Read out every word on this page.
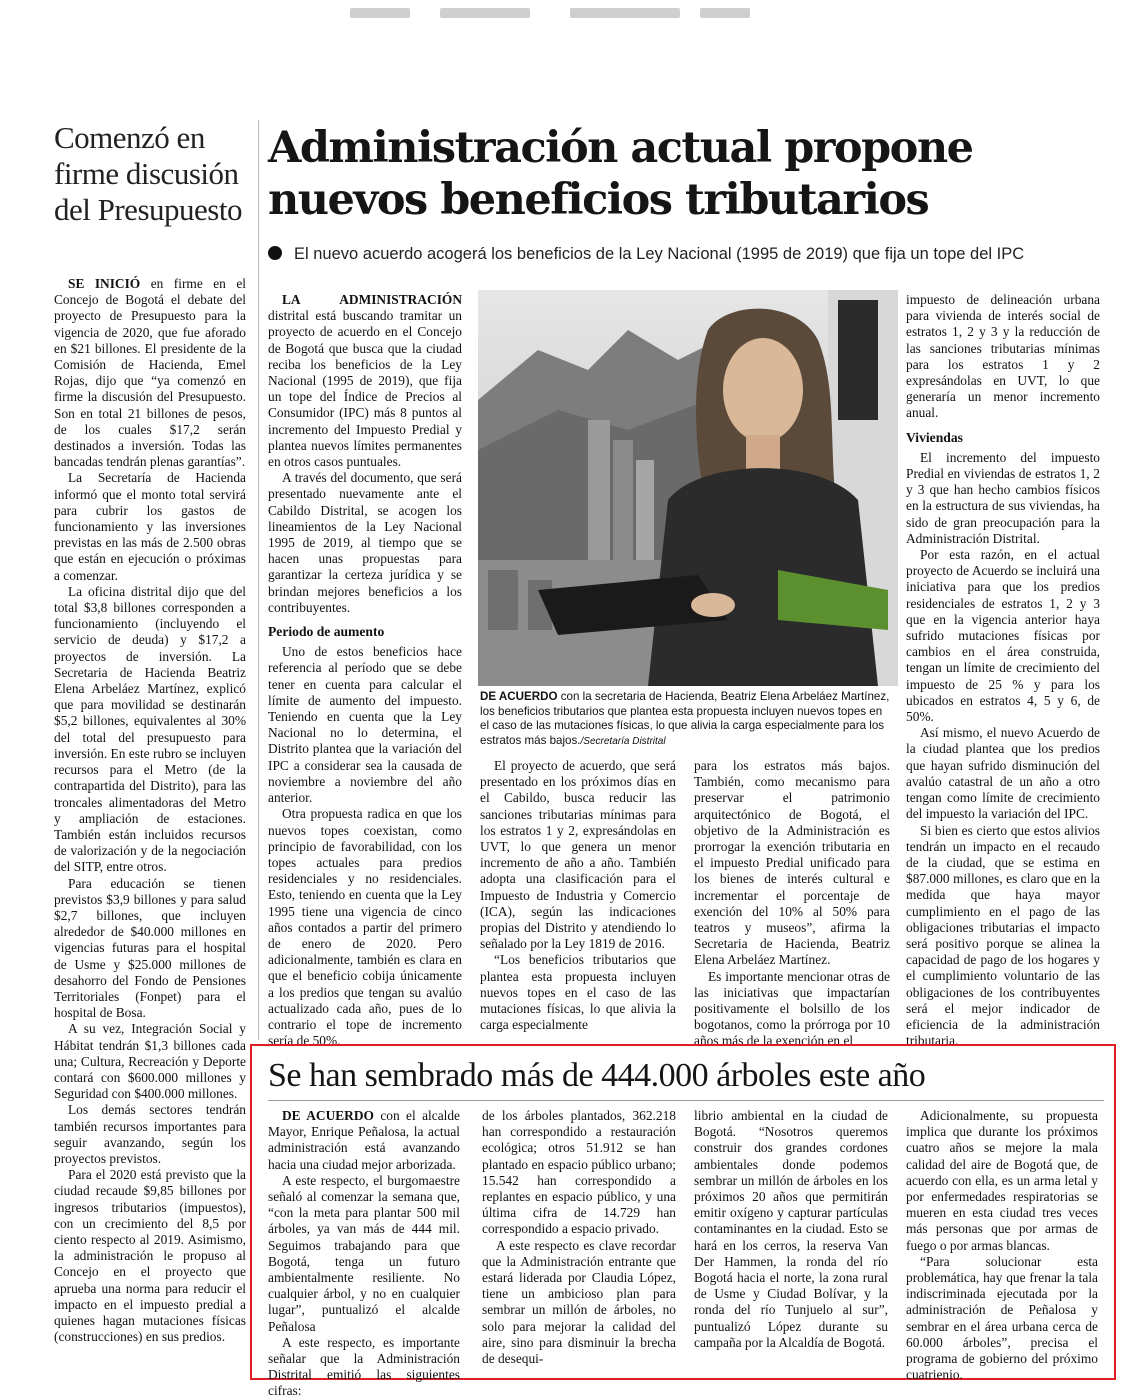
Comenzó en firme discusión del Presupuesto

SE INICIÓ en firme en el Concejo de Bogotá el debate del proyecto de Presupuesto para la vigencia de 2020, que fue aforado en $21 billones. El presidente de la Comisión de Hacienda, Emel Rojas, dijo que “ya comenzó en firme la discusión del Presupuesto. Son en total 21 billones de pesos, de los cuales $17,2 serán destinados a inversión. Todas las bancadas tendrán plenas garantías”.

La Secretaría de Hacienda informó que el monto total servirá para cubrir los gastos de funcionamiento y las inversiones previstas en las más de 2.500 obras que están en ejecución o próximas a comenzar.

La oficina distrital dijo que del total $3,8 billones corresponden a funcionamiento (incluyendo el servicio de deuda) y $17,2 a proyectos de inversión. La Secretaria de Hacienda Beatriz Elena Arbeláez Martínez, explicó que para movilidad se destinarán $5,2 billones, equivalentes al 30% del total del presupuesto para inversión. En este rubro se incluyen recursos para el Metro (de la contrapartida del Distrito), para las troncales alimentadoras del Metro y ampliación de estaciones. También están incluidos recursos de valorización y de la negociación del SITP, entre otros.

Para educación se tienen previstos $3,9 billones y para salud $2,7 billones, que incluyen alrededor de $40.000 millones en vigencias futuras para el hospital de Usme y $25.000 millones de desahorro del Fondo de Pensiones Territoriales (Fonpet) para el hospital de Bosa.

A su vez, Integración Social y Hábitat tendrán $1,3 billones cada una; Cultura, Recreación y Deporte contará con $600.000 millones y Seguridad con $400.000 millones.

Los demás sectores tendrán también recursos importantes para seguir avanzando, según los proyectos previstos.

Para el 2020 está previsto que la ciudad recaude $9,85 billones por ingresos tributarios (impuestos), con un crecimiento del 8,5 por ciento respecto al 2019. Asimismo, la administración le propuso al Concejo en el proyecto que aprueba una norma para reducir el impacto en el impuesto predial a quienes hagan mutaciones físicas (construcciones) en sus predios.

Administración actual propone nuevos beneficios tributarios
El nuevo acuerdo acogerá los beneficios de la Ley Nacional (1995 de 2019) que fija un tope del IPC

LA ADMINISTRACIÓN distrital está buscando tramitar un proyecto de acuerdo en el Concejo de Bogotá que busca que la ciudad reciba los beneficios de la Ley Nacional (1995 de 2019), que fija un tope del Índice de Precios al Consumidor (IPC) más 8 puntos al incremento del Impuesto Predial y plantea nuevos límites permanentes en otros casos puntuales.

A través del documento, que será presentado nuevamente ante el Cabildo Distrital, se acogen los lineamientos de la Ley Nacional 1995 de 2019, al tiempo que se hacen unas propuestas para garantizar la certeza jurídica y se brindan mejores beneficios a los contribuyentes.

Periodo de aumento

Uno de estos beneficios hace referencia al período que se debe tener en cuenta para calcular el límite de aumento del impuesto. Teniendo en cuenta que la Ley Nacional no lo determina, el Distrito plantea que la variación del IPC a considerar sea la causada de noviembre a noviembre del año anterior.

Otra propuesta radica en que los nuevos topes coexistan, como principio de favorabilidad, con los topes actuales para predios residenciales y no residenciales. Esto, teniendo en cuenta que la Ley 1995 tiene una vigencia de cinco años contados a partir del primero de enero de 2020. Pero adicionalmente, también es clara en que el beneficio cobija únicamente a los predios que tengan su avalúo actualizado cada año, pues de lo contrario el tope de incremento sería de 50%.

DE ACUERDO con la secretaria de Hacienda, Beatriz Elena Arbeláez Martínez, los beneficios tributarios que plantea esta propuesta incluyen nuevos topes en el caso de las mutaciones físicas, lo que alivia la carga especialmente para los estratos más bajos./Secretaría Distrital

El proyecto de acuerdo, que será presentado en los próximos días en el Cabildo, busca reducir las sanciones tributarias mínimas para los estratos 1 y 2, expresándolas en UVT, lo que genera un menor incremento de año a año. También adopta una clasificación para el Impuesto de Industria y Comercio (ICA), según las indicaciones propias del Distrito y atendiendo lo señalado por la Ley 1819 de 2016.

“Los beneficios tributarios que plantea esta propuesta incluyen nuevos topes en el caso de las mutaciones físicas, lo que alivia la carga especialmente

para los estratos más bajos. También, como mecanismo para preservar el patrimonio arquitectónico de Bogotá, el objetivo de la Administración es prorrogar la exención tributaria en el impuesto Predial unificado para los bienes de interés cultural e incrementar el porcentaje de exención del 10% al 50% para teatros y museos”, afirma la Secretaria de Hacienda, Beatriz Elena Arbeláez Martínez.

Es importante mencionar otras de las iniciativas que impactarían positivamente el bolsillo de los bogotanos, como la prórroga por 10 años más de la exención en el

impuesto de delineación urbana para vivienda de interés social de estratos 1, 2 y 3 y la reducción de las sanciones tributarias mínimas para los estratos 1 y 2 expresándolas en UVT, lo que generaría un menor incremento anual.

Viviendas

El incremento del impuesto Predial en viviendas de estratos 1, 2 y 3 que han hecho cambios físicos en la estructura de sus viviendas, ha sido de gran preocupación para la Administración Distrital.

Por esta razón, en el actual proyecto de Acuerdo se incluirá una iniciativa para que los predios residenciales de estratos 1, 2 y 3 que en la vigencia anterior haya sufrido mutaciones físicas por cambios en el área construida, tengan un límite de crecimiento del impuesto de 25 % y para los ubicados en estratos 4, 5 y 6, de 50%.

Así mismo, el nuevo Acuerdo de la ciudad plantea que los predios que hayan sufrido disminución del avalúo catastral de un año a otro tengan como límite de crecimiento del impuesto la variación del IPC.

Si bien es cierto que estos alivios tendrán un impacto en el recaudo de la ciudad, que se estima en $87.000 millones, es claro que en la medida que haya mayor cumplimiento en el pago de las obligaciones tributarias el impacto será positivo porque se alinea la capacidad de pago de los hogares y el cumplimiento voluntario de las obligaciones de los contribuyentes será el mejor indicador de eficiencia de la administración tributaria.

Se han sembrado más de 444.000 árboles este año

DE ACUERDO con el alcalde Mayor, Enrique Peñalosa, la actual administración está avanzando hacia una ciudad mejor arborizada.

A este respecto, el burgomaestre señaló al comenzar la semana que, “con la meta para plantar 500 mil árboles, ya van más de 444 mil. Seguimos trabajando para que Bogotá, tenga un futuro ambientalmente resiliente. No cualquier árbol, y no en cualquier lugar”, puntualizó el alcalde Peñalosa

A este respecto, es importante señalar que la Administración Distrital emitió las siguientes cifras:

de los árboles plantados, 362.218 han correspondido a restauración ecológica; otros 51.912 se han plantado en espacio público urbano; 15.542 han correspondido a replantes en espacio público, y una última cifra de 14.729 han correspondido a espacio privado.

A este respecto es clave recordar que la Administración entrante que estará liderada por Claudia López, tiene un ambicioso plan para sembrar un millón de árboles, no solo para mejorar la calidad del aire, sino para disminuir la brecha de desequi-

librio ambiental en la ciudad de Bogotá. “Nosotros queremos construir dos grandes cordones ambientales donde podemos sembrar un millón de árboles en los próximos 20 años que permitirán emitir oxígeno y capturar partículas contaminantes en la ciudad. Esto se hará en los cerros, la reserva Van Der Hammen, la ronda del río Bogotá hacia el norte, la zona rural de Usme y Ciudad Bolívar, y la ronda del río Tunjuelo al sur”, puntualizó López durante su campaña por la Alcaldía de Bogotá.

Adicionalmente, su propuesta implica que durante los próximos cuatro años se mejore la mala calidad del aire de Bogotá que, de acuerdo con ella, es un arma letal y por enfermedades respiratorias se mueren en esta ciudad tres veces más personas que por armas de fuego o por armas blancas.

“Para solucionar esta problemática, hay que frenar la tala indiscriminada ejecutada por la administración de Peñalosa y sembrar en el área urbana cerca de 60.000 árboles”, precisa el programa de gobierno del próximo cuatrienio.
